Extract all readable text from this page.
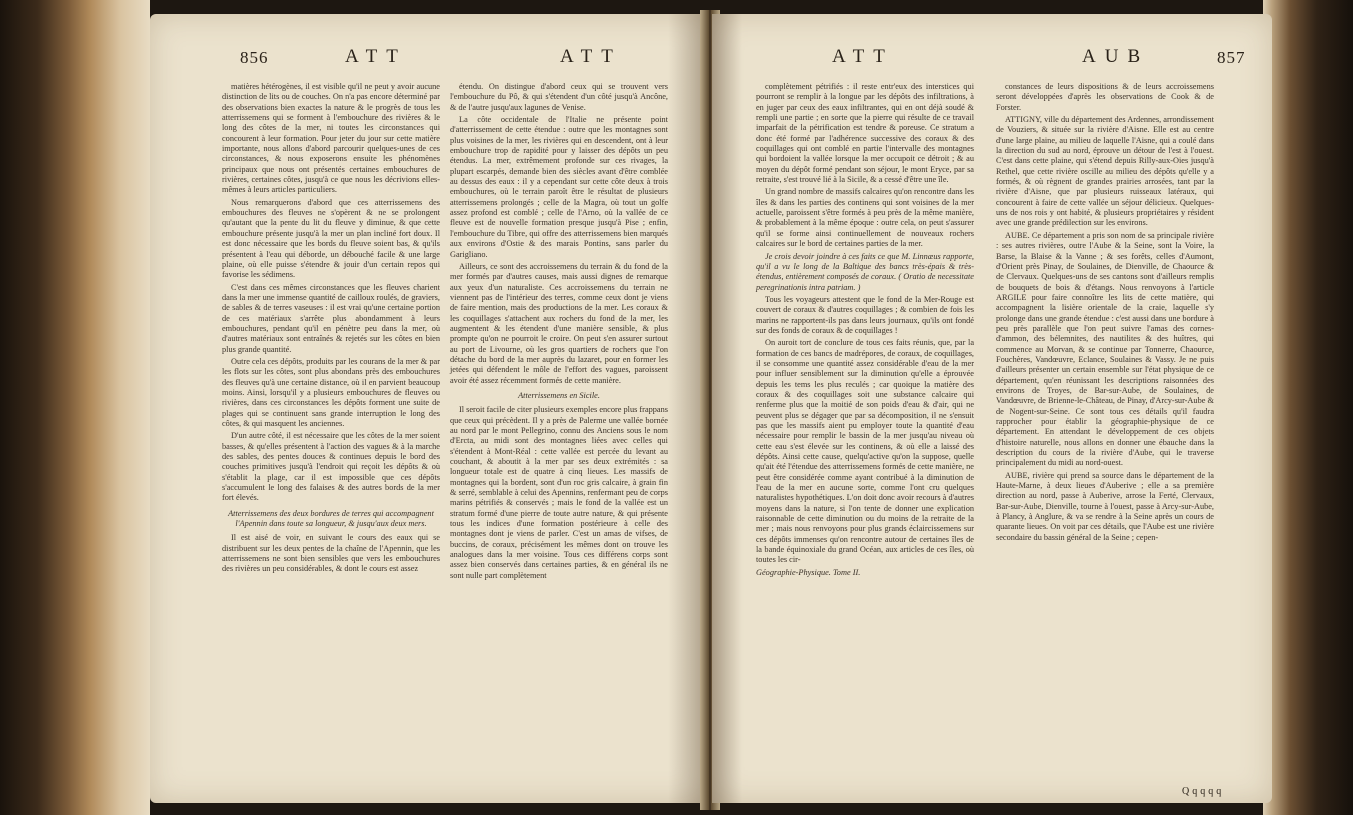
856	ATT	ATT

matières hétérogènes, il est visible qu'il ne peut y avoir aucune distinction de lits ou de couches. On n'a pas encore déterminé par des observations bien exactes la nature & le progrès de tous les atterrissemens qui se forment à l'embouchure des rivières & le long des côtes de la mer, ni toutes les circonstances qui concourent à leur formation. Pour jeter du jour sur cette matière importante, nous allons d'abord parcourir quelques-unes de ces circonstances, & nous exposerons ensuite les phénomènes principaux que nous ont présentés certaines embouchures de rivières, certaines côtes, jusqu'à ce que nous les décrivions elles-mêmes à leurs articles particuliers.

Nous remarquerons d'abord que ces atterrissemens des embouchures des fleuves ne s'opèrent & ne se prolongent qu'autant que la pente du lit du fleuve y diminue, & que cette embouchure présente jusqu'à la mer un plan incliné fort doux. Il est donc nécessaire que les bords du fleuve soient bas, & qu'ils présentent à l'eau qui déborde, un débouché facile & une large plaine, où elle puisse s'étendre & jouir d'un certain repos qui favorise les sédimens.

C'est dans ces mêmes circonstances que les fleuves charient dans la mer une immense quantité de cailloux roulés, de graviers, de sables & de terres vaseuses : il est vrai qu'une certaine portion de ces matériaux s'arrête plus abondamment à leurs embouchures, pendant qu'il en pénètre peu dans la mer, où d'autres matériaux sont entraînés & rejetés sur les côtes en bien plus grande quantité.

Outre cela ces dépôts, produits par les courans de la mer & par les flots sur les côtes, sont plus abondans près des embouchures des fleuves qu'à une certaine distance, où il en parvient beaucoup moins. Ainsi, lorsqu'il y a plusieurs embouchures de fleuves ou rivières, dans ces circonstances les dépôts forment une suite de plages qui se continuent sans grande interruption le long des côtes, & qui masquent les anciennes.

D'un autre côté, il est nécessaire que les côtes de la mer soient basses, & qu'elles présentent à l'action des vagues & à la marche des sables, des pentes douces & continues depuis le bord des couches primitives jusqu'à l'endroit qui reçoit les dépôts & où s'établit la plage, car il est impossible que ces dépôts s'accumulent le long des falaises & des autres bords de la mer fort élevés.

Atterrissemens des deux bordures de terres qui accompagnent l'Apennin dans toute sa longueur, & jusqu'aux deux mers.

Il est aisé de voir, en suivant le cours des eaux qui se distribuent sur les deux pentes de la chaîne de l'Apennin, que les atterrissemens ne sont bien sensibles que vers les embouchures des rivières un peu considérables, & dont le cours est assez

étendu. On distingue d'abord ceux qui se trouvent vers l'embouchure du Pô, & qui s'étendent d'un côté jusqu'à Ancône, & de l'autre jusqu'aux lagunes de Venise.

La côte occidentale de l'Italie ne présente point d'atterrissement de cette étendue : outre que les montagnes sont plus voisines de la mer, les rivières qui en descendent, ont à leur embouchure trop de rapidité pour y laisser des dépôts un peu étendus. La mer, extrêmement profonde sur ces rivages, la plupart escarpés, demande bien des siècles avant d'être comblée au dessus des eaux : il y a cependant sur cette côte deux à trois embouchures, où le terrain paroît être le résultat de plusieurs atterrissemens prolongés ; celle de la Magra, où tout un golfe assez profond est comblé ; celle de l'Arno, où la vallée de ce fleuve est de nouvelle formation presque jusqu'à Pise ; enfin, l'embouchure du Tibre, qui offre des atterrissemens bien marqués aux environs d'Ostie & des marais Pontins, sans parler du Garigliano.

Ailleurs, ce sont des accroissemens du terrain & du fond de la mer formés par d'autres causes, mais aussi dignes de remarque aux yeux d'un naturaliste. Ces accroissemens du terrain ne viennent pas de l'intérieur des terres, comme ceux dont je viens de faire mention, mais des productions de la mer. Les coraux & les coquillages s'attachent aux rochers du fond de la mer, les augmentent & les étendent d'une manière sensible, & plus prompte qu'on ne pourroit le croire. On peut s'en assurer surtout au port de Livourne, où les gros quartiers de rochers que l'on détache du bord de la mer auprès du lazaret, pour en former les jetées qui défendent le môle de l'effort des vagues, paroissent avoir été assez récemment formés de cette manière.

Atterrissemens en Sicile.

Il seroit facile de citer plusieurs exemples encore plus frappans que ceux qui précèdent. Il y a près de Palerme une vallée bornée au nord par le mont Pellegrino, connu des Anciens sous le nom d'Ercta, au midi sont des montagnes liées avec celles qui s'étendent à Mont-Réal : cette vallée est percée du levant au couchant, & aboutit à la mer par ses deux extrémités : sa longueur totale est de quatre à cinq lieues. Les massifs de montagnes qui la bordent, sont d'un roc gris calcaire, à grain fin & serré, semblable à celui des Apennins, renfermant peu de corps marins pétrifiés & conservés ; mais le fond de la vallée est un stratum formé d'une pierre de toute autre nature, & qui présente tous les indices d'une formation postérieure à celle des montagnes dont je viens de parler. C'est un amas de vifses, de buccins, de coraux, précisément les mêmes dont on trouve les analogues dans la mer voisine. Tous ces différens corps sont assez bien conservés dans certaines parties, & en général ils ne sont nulle part complètement

ATT	AUB	857

complètement pétrifiés : il reste entr'eux des interstices qui pourront se remplir à la longue par les dépôts des infiltrations, à en juger par ceux des eaux infiltrantes, qui en ont déjà soudé & rempli une partie ; en sorte que la pierre qui résulte de ce travail imparfait de la pétrification est tendre & poreuse. Ce stratum a donc été formé par l'adhérence successive des coraux & des coquillages qui ont comblé en partie l'intervalle des montagnes qui bordoient la vallée lorsque la mer occupoit ce détroit ; & au moyen du dépôt formé pendant son séjour, le mont Eryce, par sa retraite, s'est trouvé lié à la Sicile, & a cessé d'être une île.

Un grand nombre de massifs calcaires qu'on rencontre dans les îles & dans les parties des continens qui sont voisines de la mer actuelle, paroissent s'être formés à peu près de la même manière, & probablement à la même époque : outre cela, on peut s'assurer qu'il se forme ainsi continuellement de nouveaux rochers calcaires sur le bord de certaines parties de la mer.

Je crois devoir joindre à ces faits ce que M. Linnæus rapporte, qu'il a vu le long de la Baltique des bancs très-épais & très-étendus, entièrement composés de coraux. ( Oratio de necessitate peregrinationis intra patriam. )

Tous les voyageurs attestent que le fond de la Mer-Rouge est couvert de coraux & d'autres coquillages ; & combien de fois les marins ne rapportent-ils pas dans leurs journaux, qu'ils ont fondé sur des fonds de coraux & de coquillages !

On auroit tort de conclure de tous ces faits réunis, que, par la formation de ces bancs de madrépores, de coraux, de coquillages, il se consomme une quantité assez considérable d'eau de la mer pour influer sensiblement sur la diminution qu'elle a éprouvée depuis les tems les plus reculés ; car quoique la matière des coraux & des coquillages soit une substance calcaire qui renferme plus que la moitié de son poids d'eau & d'air, qui ne peuvent plus se dégager que par sa décomposition, il ne s'ensuit pas que les massifs aient pu employer toute la quantité d'eau nécessaire pour remplir le bassin de la mer jusqu'au niveau où cette eau s'est élevée sur les continens, & où elle a laissé des dépôts. Ainsi cette cause, quelqu'active qu'on la suppose, quelle qu'ait été l'étendue des atterrissemens formés de cette manière, ne peut être considérée comme ayant contribué à la diminution de l'eau de la mer en aucune sorte, comme l'ont cru quelques naturalistes hypothétiques. L'on doit donc avoir recours à d'autres moyens dans la nature, si l'on tente de donner une explication raisonnable de cette diminution ou du moins de la retraite de la mer ; mais nous renvoyons pour plus grands éclaircissemens sur ces dépôts immenses qu'on rencontre autour de certaines îles de la bande équinoxiale du grand Océan, aux articles de ces îles, où toutes les cir-

Géographie-Physique. Tome II.

constances de leurs dispositions & de leurs accroissemens seront développées d'après les observations de Cook & de Forster.

ATTIGNY, ville du département des Ardennes, arrondissement de Vouziers, & située sur la rivière d'Aisne. Elle est au centre d'une large plaine, au milieu de laquelle l'Aisne, qui a coulé dans la direction du sud au nord, éprouve un détour de l'est à l'ouest. C'est dans cette plaine, qui s'étend depuis Rilly-aux-Oies jusqu'à Rethel, que cette rivière oscille au milieu des dépôts qu'elle y a formés, & où règnent de grandes prairies arrosées, tant par la rivière d'Aisne, que par plusieurs ruisseaux latéraux, qui concourent à faire de cette vallée un séjour délicieux. Quelques-uns de nos rois y ont habité, & plusieurs propriétaires y résident avec une grande prédilection sur les environs.

AUBE. Ce département a pris son nom de sa principale rivière : ses autres rivières, outre l'Aube & la Seine, sont la Voire, la Barse, la Blaise & la Vanne ; & ses forêts, celles d'Aumont, d'Orient près Pinay, de Soulaines, de Dienville, de Chaource & de Clervaux. Quelques-uns de ses cantons sont d'ailleurs remplis de bouquets de bois & d'étangs. Nous renvoyons à l'article ARGILE pour faire connoître les lits de cette matière, qui accompagnent la lisière orientale de la craie, laquelle s'y prolonge dans une grande étendue : c'est aussi dans une bordure à peu près parallèle que l'on peut suivre l'amas des cornes-d'ammon, des bélemnites, des nautilites & des huîtres, qui commence au Morvan, & se continue par Tonnerre, Chaource, Fouchères, Vandœuvre, Eclance, Soulaines & Vassy. Je ne puis d'ailleurs présenter un certain ensemble sur l'état physique de ce département, qu'en réunissant les descriptions raisonnées des environs de Troyes, de Bar-sur-Aube, de Soulaines, de Vandœuvre, de Brienne-le-Château, de Pinay, d'Arcy-sur-Aube & de Nogent-sur-Seine. Ce sont tous ces détails qu'il faudra rapprocher pour établir la géographie-physique de ce département. En attendant le développement de ces objets d'histoire naturelle, nous allons en donner une ébauche dans la description du cours de la rivière d'Aube, qui le traverse principalement du midi au nord-ouest.

AUBE, rivière qui prend sa source dans le département de la Haute-Marne, à deux lieues d'Auberive ; elle a sa première direction au nord, passe à Auberive, arrose la Ferté, Clervaux, Bar-sur-Aube, Dienville, tourne à l'ouest, passe à Arcy-sur-Aube, à Plancy, à Anglure, & va se rendre à la Seine après un cours de quarante lieues. On voit par ces détails, que l'Aube est une rivière secondaire du bassin général de la Seine ; cepen-

Qqqqq
